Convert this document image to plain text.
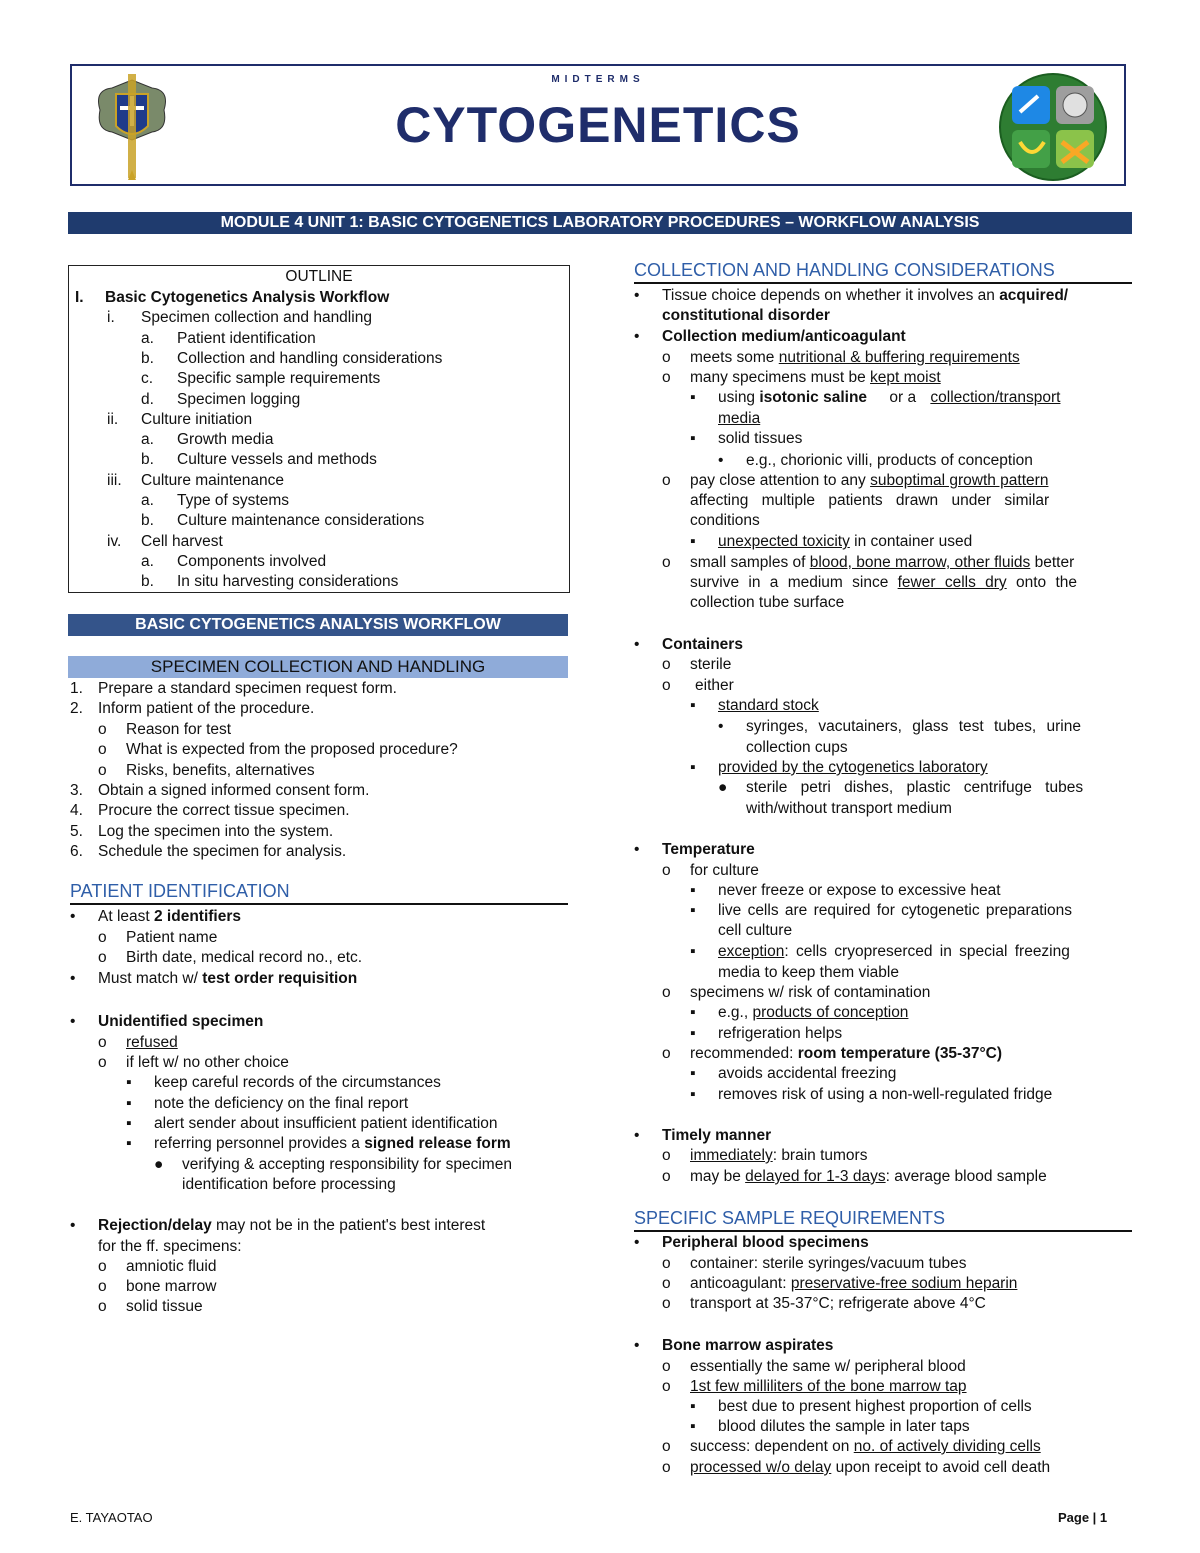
MIDTERMS
CYTOGENETICS
MODULE 4 UNIT 1: BASIC CYTOGENETICS LABORATORY PROCEDURES – WORKFLOW ANALYSIS
OUTLINE
I. Basic Cytogenetics Analysis Workflow
i. Specimen collection and handling
a. Patient identification
b. Collection and handling considerations
c. Specific sample requirements
d. Specimen logging
ii. Culture initiation
a. Growth media
b. Culture vessels and methods
iii. Culture maintenance
a. Type of systems
b. Culture maintenance considerations
iv. Cell harvest
a. Components involved
b. In situ harvesting considerations
BASIC CYTOGENETICS ANALYSIS WORKFLOW
SPECIMEN COLLECTION AND HANDLING
1. Prepare a standard specimen request form.
2. Inform patient of the procedure.
o Reason for test
o What is expected from the proposed procedure?
o Risks, benefits, alternatives
3. Obtain a signed informed consent form.
4. Procure the correct tissue specimen.
5. Log the specimen into the system.
6. Schedule the specimen for analysis.
PATIENT IDENTIFICATION
• At least 2 identifiers
o Patient name
o Birth date, medical record no., etc.
• Must match w/ test order requisition
• Unidentified specimen
o refused
o if left w/ no other choice
▪ keep careful records of the circumstances
▪ note the deficiency on the final report
▪ alert sender about insufficient patient identification
▪ referring personnel provides a signed release form
● verifying & accepting responsibility for specimen
identification before processing
• Rejection/delay may not be in the patient's best interest
for the ff. specimens:
o amniotic fluid
o bone marrow
o solid tissue
COLLECTION AND HANDLING CONSIDERATIONS
• Tissue choice depends on whether it involves an acquired/
constitutional disorder
• Collection medium/anticoagulant
o meets some nutritional & buffering requirements
o many specimens must be kept moist
▪ using isotonic saline or a collection/transport
media
▪ solid tissues
• e.g., chorionic villi, products of conception
o pay close attention to any suboptimal growth pattern
affecting multiple patients drawn under similar
conditions
▪ unexpected toxicity in container used
o small samples of blood, bone marrow, other fluids better
survive in a medium since fewer cells dry onto the
collection tube surface
• Containers
o sterile
o either
▪ standard stock
• syringes, vacutainers, glass test tubes, urine
collection cups
▪ provided by the cytogenetics laboratory
● sterile petri dishes, plastic centrifuge tubes
with/without transport medium
• Temperature
o for culture
▪ never freeze or expose to excessive heat
▪ live cells are required for cytogenetic preparations
cell culture
▪ exception: cells cryopreserced in special freezing
media to keep them viable
o specimens w/ risk of contamination
▪ e.g., products of conception
▪ refrigeration helps
o recommended: room temperature (35-37°C)
▪ avoids accidental freezing
▪ removes risk of using a non-well-regulated fridge
• Timely manner
o immediately: brain tumors
o may be delayed for 1-3 days: average blood sample
SPECIFIC SAMPLE REQUIREMENTS
• Peripheral blood specimens
o container: sterile syringes/vacuum tubes
o anticoagulant: preservative-free sodium heparin
o transport at 35-37°C; refrigerate above 4°C
• Bone marrow aspirates
o essentially the same w/ peripheral blood
o 1st few milliliters of the bone marrow tap
▪ best due to present highest proportion of cells
▪ blood dilutes the sample in later taps
o success: dependent on no. of actively dividing cells
o processed w/o delay upon receipt to avoid cell death
E. TAYAOTAO	Page | 1
